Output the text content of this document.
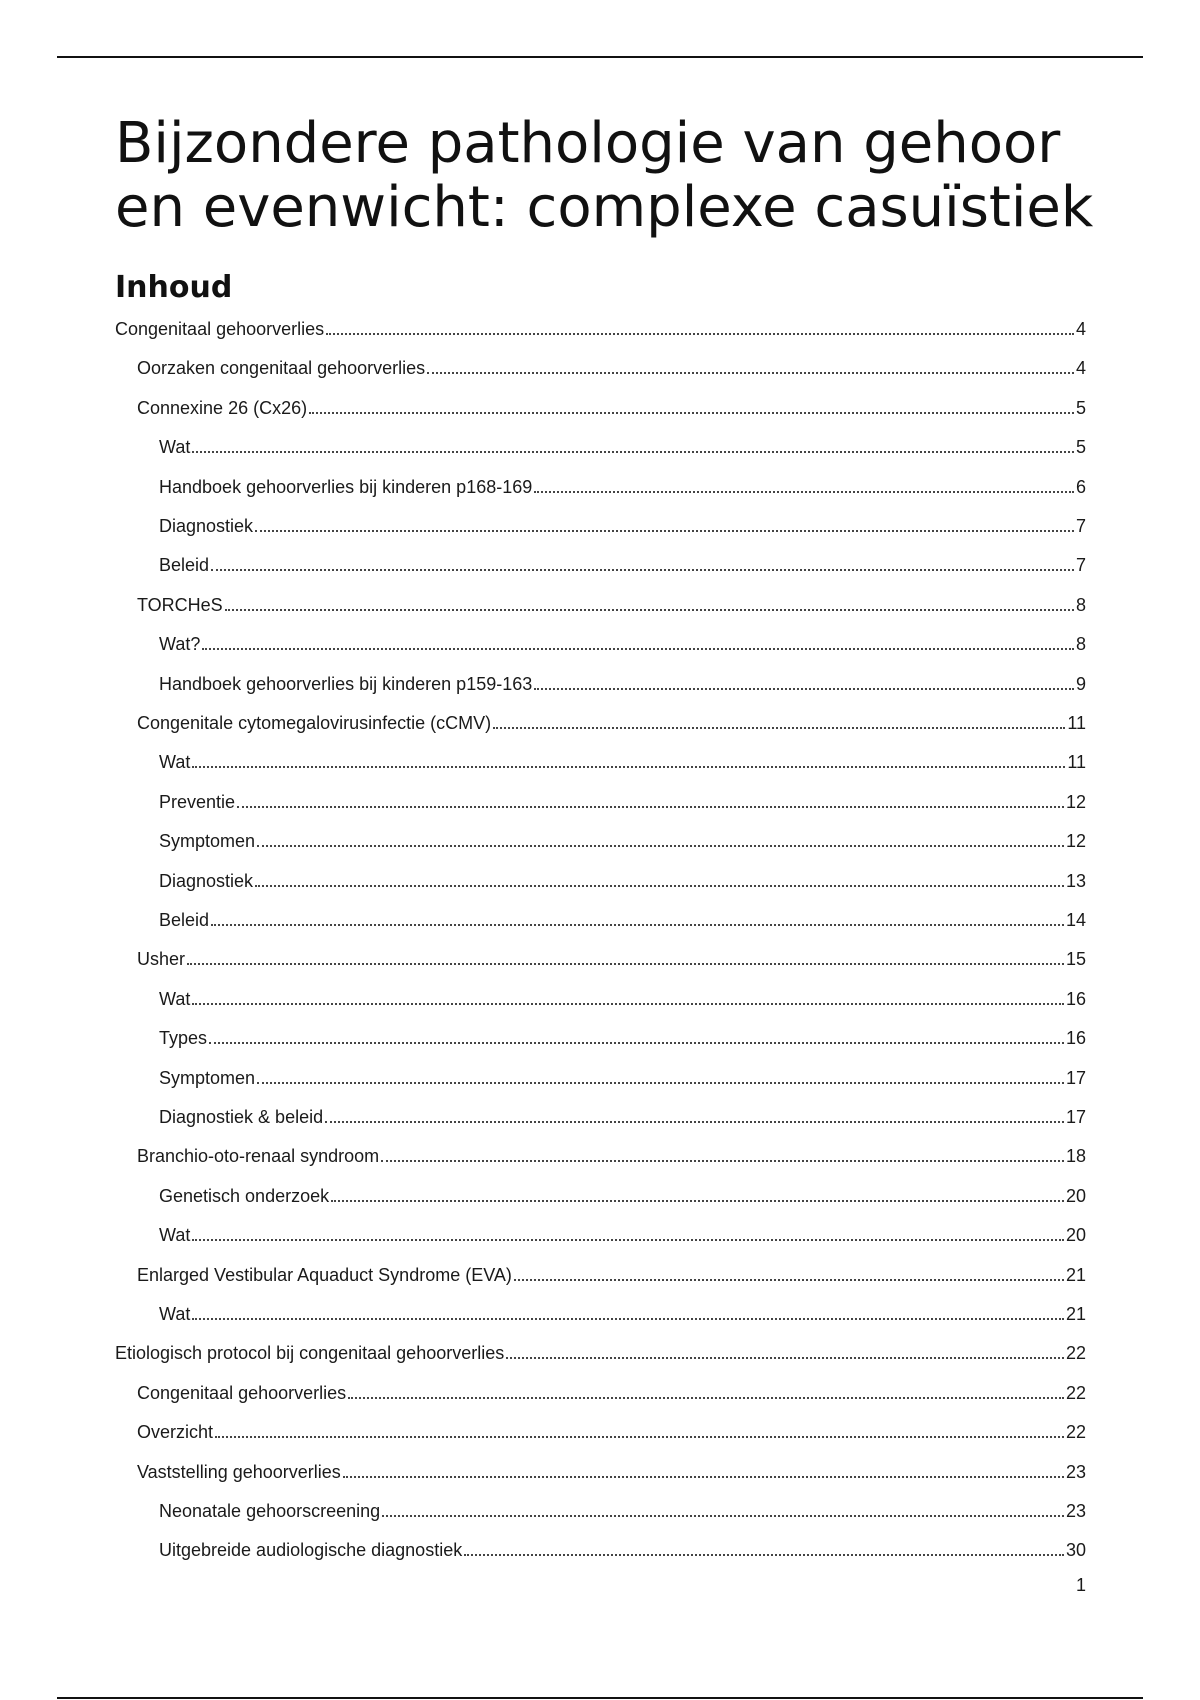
Bijzondere pathologie van gehoor en evenwicht: complexe casuïstiek
Inhoud
Congenitaal gehoorverlies	4
Oorzaken congenitaal gehoorverlies	4
Connexine 26 (Cx26)	5
Wat	5
Handboek gehoorverlies bij kinderen p168-169	6
Diagnostiek	7
Beleid	7
TORCHeS	8
Wat?	8
Handboek gehoorverlies bij kinderen p159-163	9
Congenitale cytomegalovirusinfectie (cCMV)	11
Wat	11
Preventie	12
Symptomen	12
Diagnostiek	13
Beleid	14
Usher	15
Wat	16
Types	16
Symptomen	17
Diagnostiek & beleid	17
Branchio-oto-renaal syndroom	18
Genetisch onderzoek	20
Wat	20
Enlarged Vestibular Aquaduct Syndrome (EVA)	21
Wat	21
Etiologisch protocol bij congenitaal gehoorverlies	22
Congenitaal gehoorverlies	22
Overzicht	22
Vaststelling gehoorverlies	23
Neonatale gehoorscreening	23
Uitgebreide audiologische diagnostiek	30
1
